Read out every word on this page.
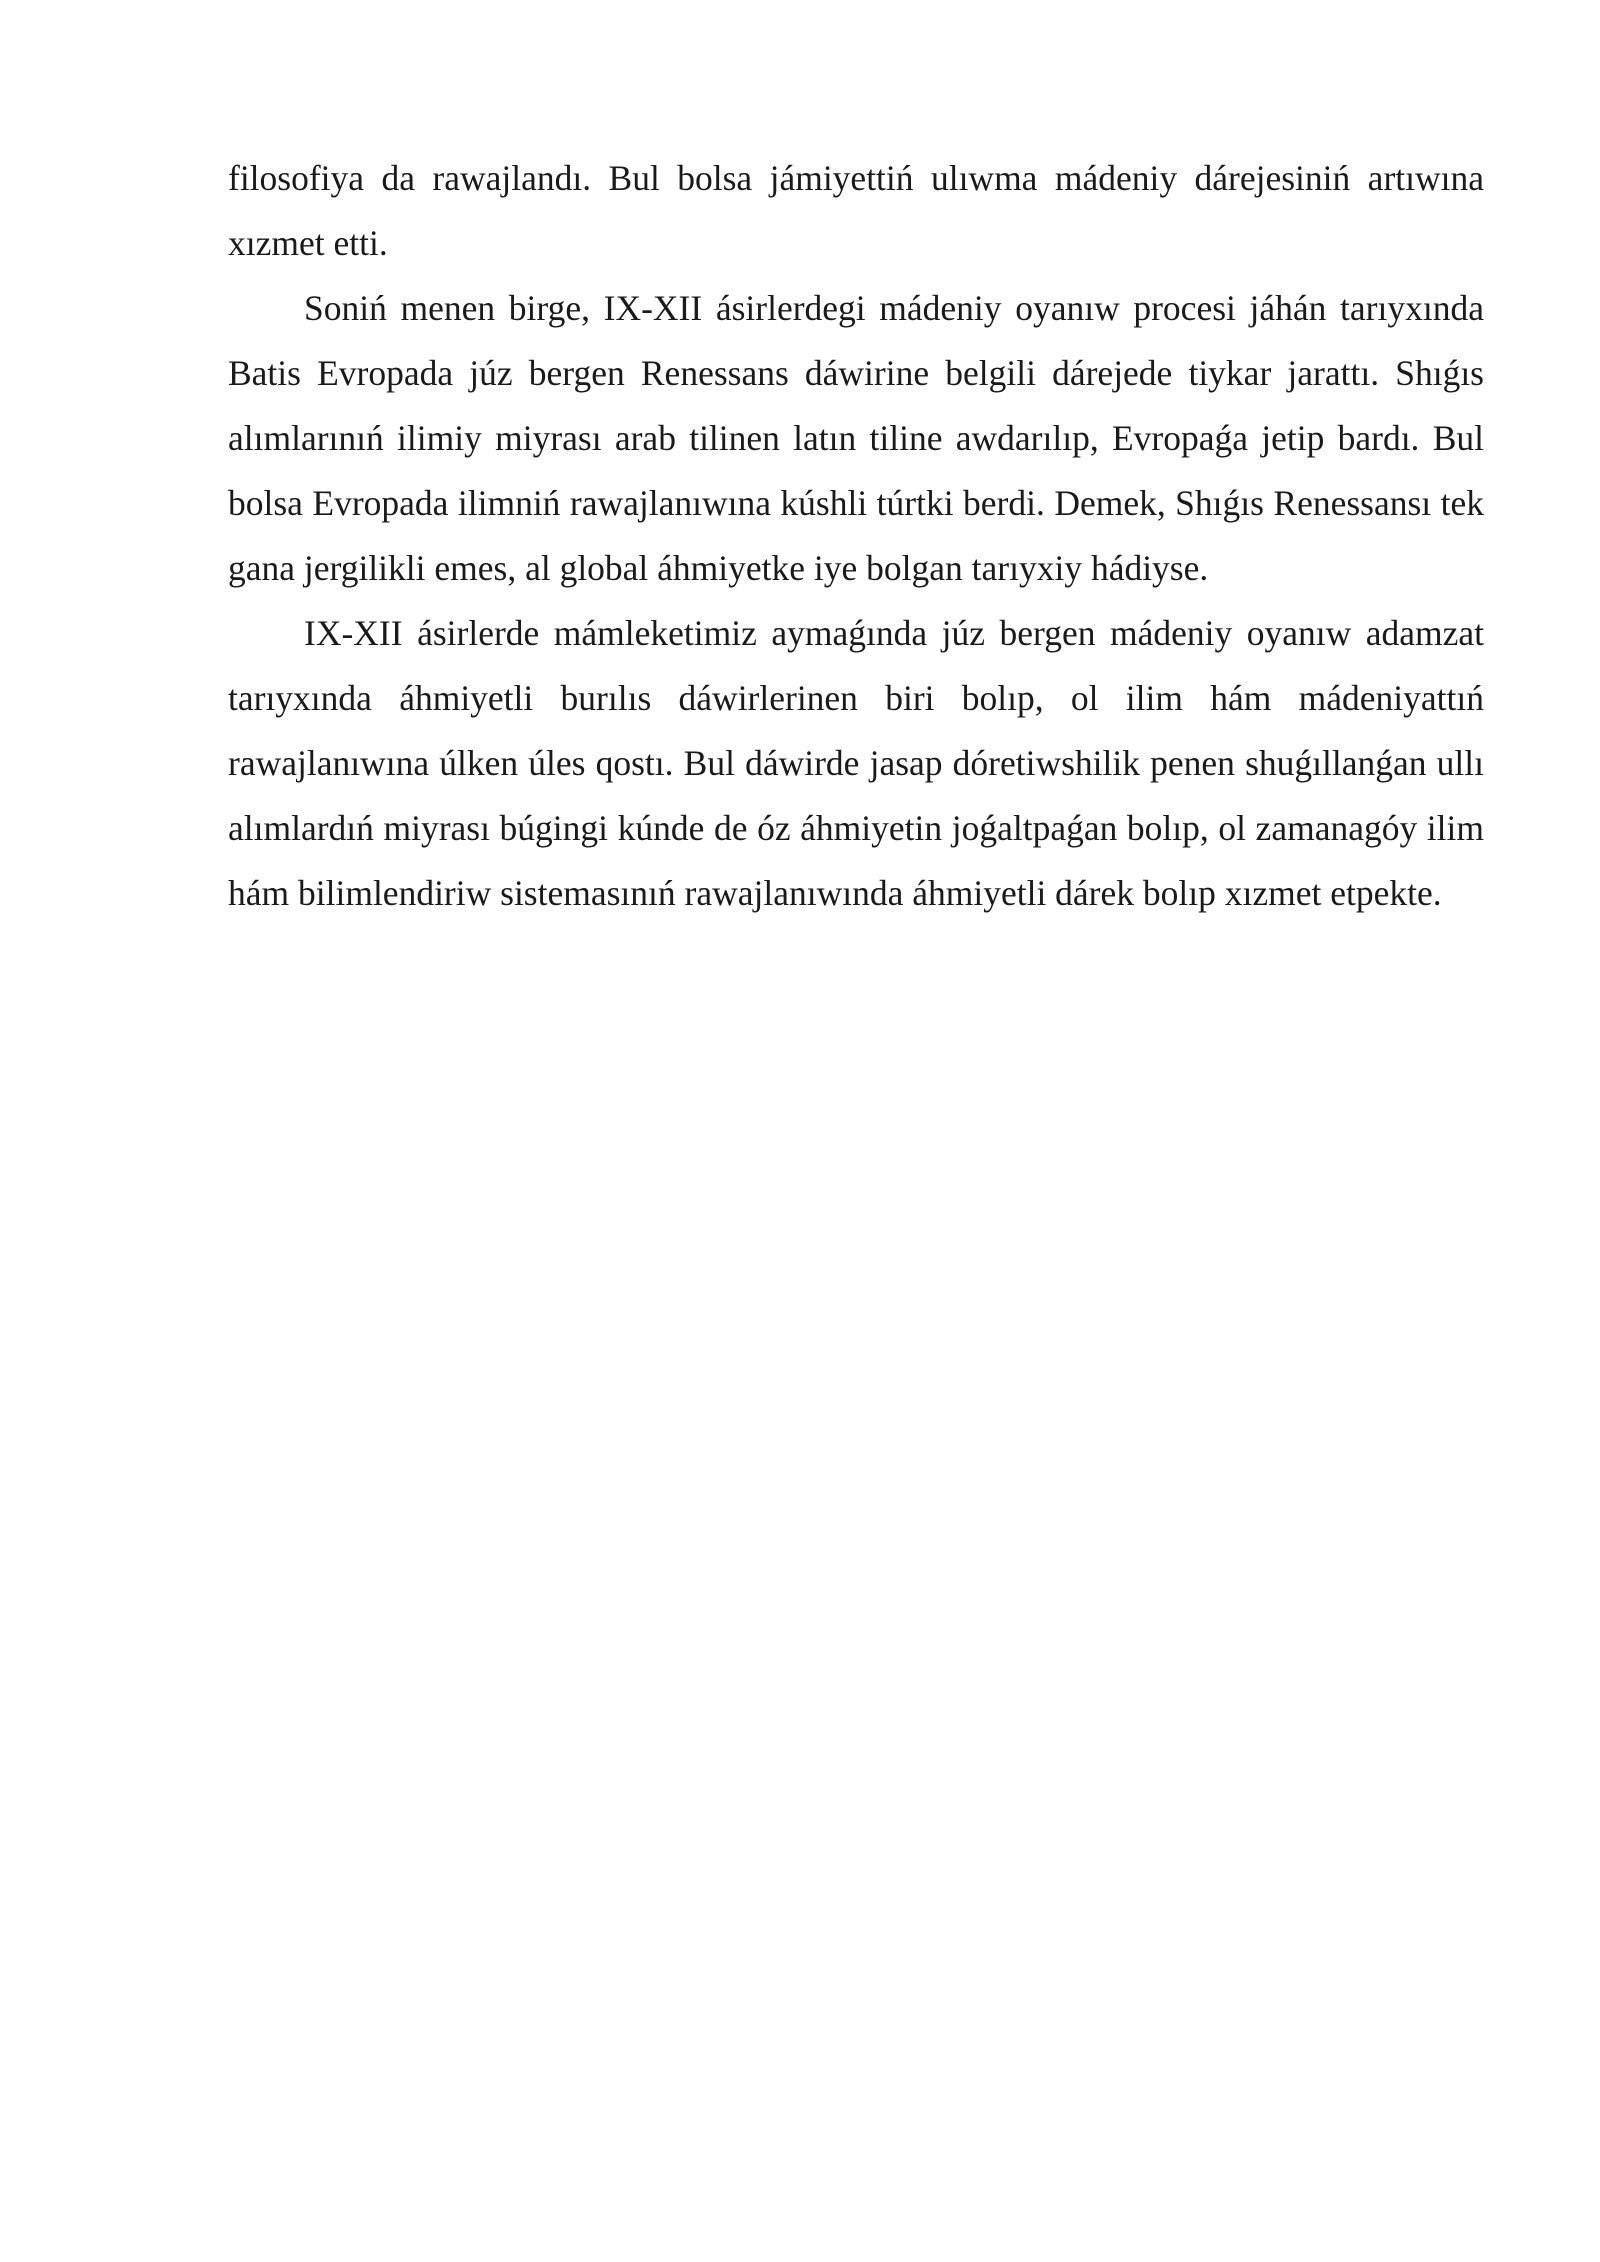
filosofiya da rawajlandı. Bul bolsa jámiyettiń ulıwma mádeniy dárejesiniń artıwına xızmet etti.

Soniń menen birge, IX-XII ásirlerdegi mádeniy oyanıw procesi jáhán tarıyxında Batis Evropada júz bergen Renessans dáwirine belgili dárejede tiykar jarattı. Shıǵıs alımlarınıń ilimiy miyrası arab tilinen latın tiline awdarılıp, Evropaǵa jetip bardı. Bul bolsa Evropada ilimniń rawajlanıwına kúshli túrtki berdi. Demek, Shıǵıs Renessansı tek gana jergilikli emes, al global áhmiyetke iye bolgan tarıyxiy hádiyse.

IX-XII ásirlerde mámleketimiz aymaǵında júz bergen mádeniy oyanıw adamzat tarıyxında áhmiyetli burılıs dáwirlerinen biri bolıp, ol ilim hám mádeniyattıń rawajlanıwına úlken úles qostı. Bul dáwirde jasap dóretiwshilik penen shuǵıllanǵan ullı alımlardıń miyrası búgingi kúnde de óz áhmiyetin joǵaltpaǵan bolıp, ol zamanagóy ilim hám bilimlendiriw sistemasınıń rawajlanıwında áhmiyetli dárek bolıp xızmet etpekte.
